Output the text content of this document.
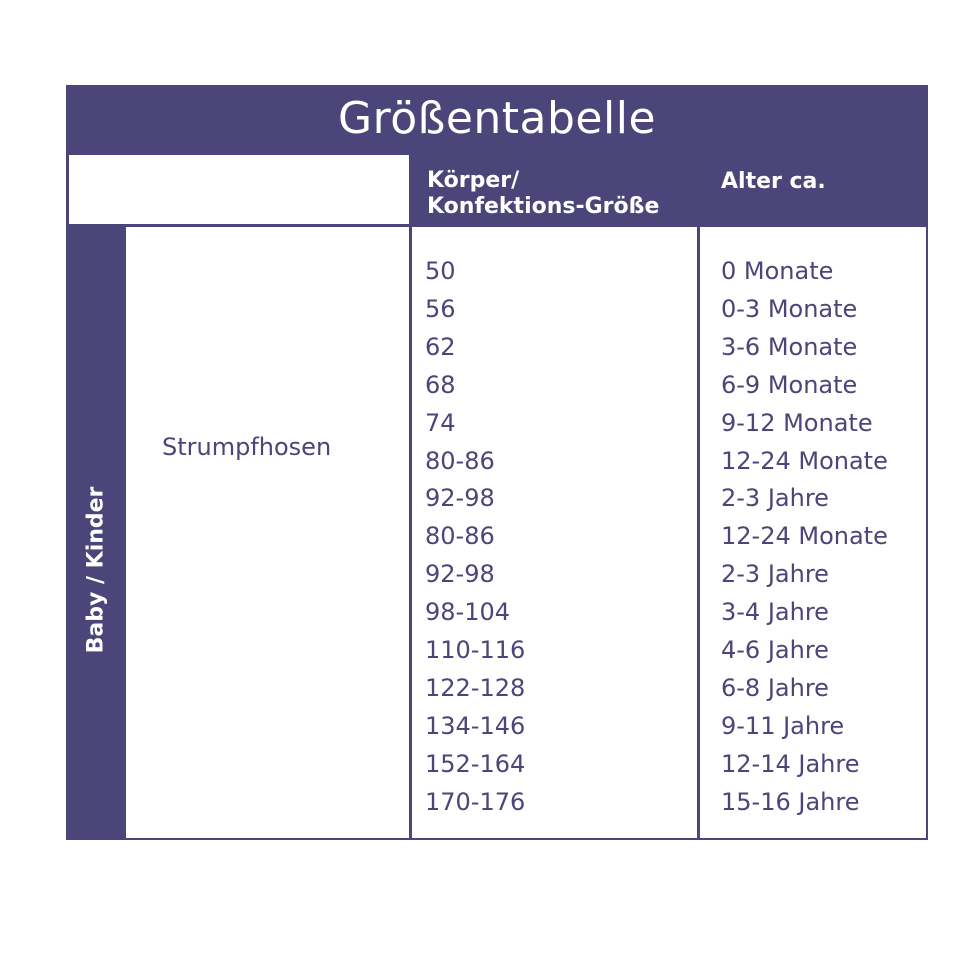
Größentabelle
Körper/
Konfektions-Größe
Alter ca.
Baby / Kinder
Strumpfhosen
50
56
62
68
74
80-86
92-98
80-86
92-98
98-104
110-116
122-128
134-146
152-164
170-176
0 Monate
0-3 Monate
3-6 Monate
6-9 Monate
9-12 Monate
12-24 Monate
2-3 Jahre
12-24 Monate
2-3 Jahre
3-4 Jahre
4-6 Jahre
6-8 Jahre
9-11 Jahre
12-14 Jahre
15-16 Jahre
